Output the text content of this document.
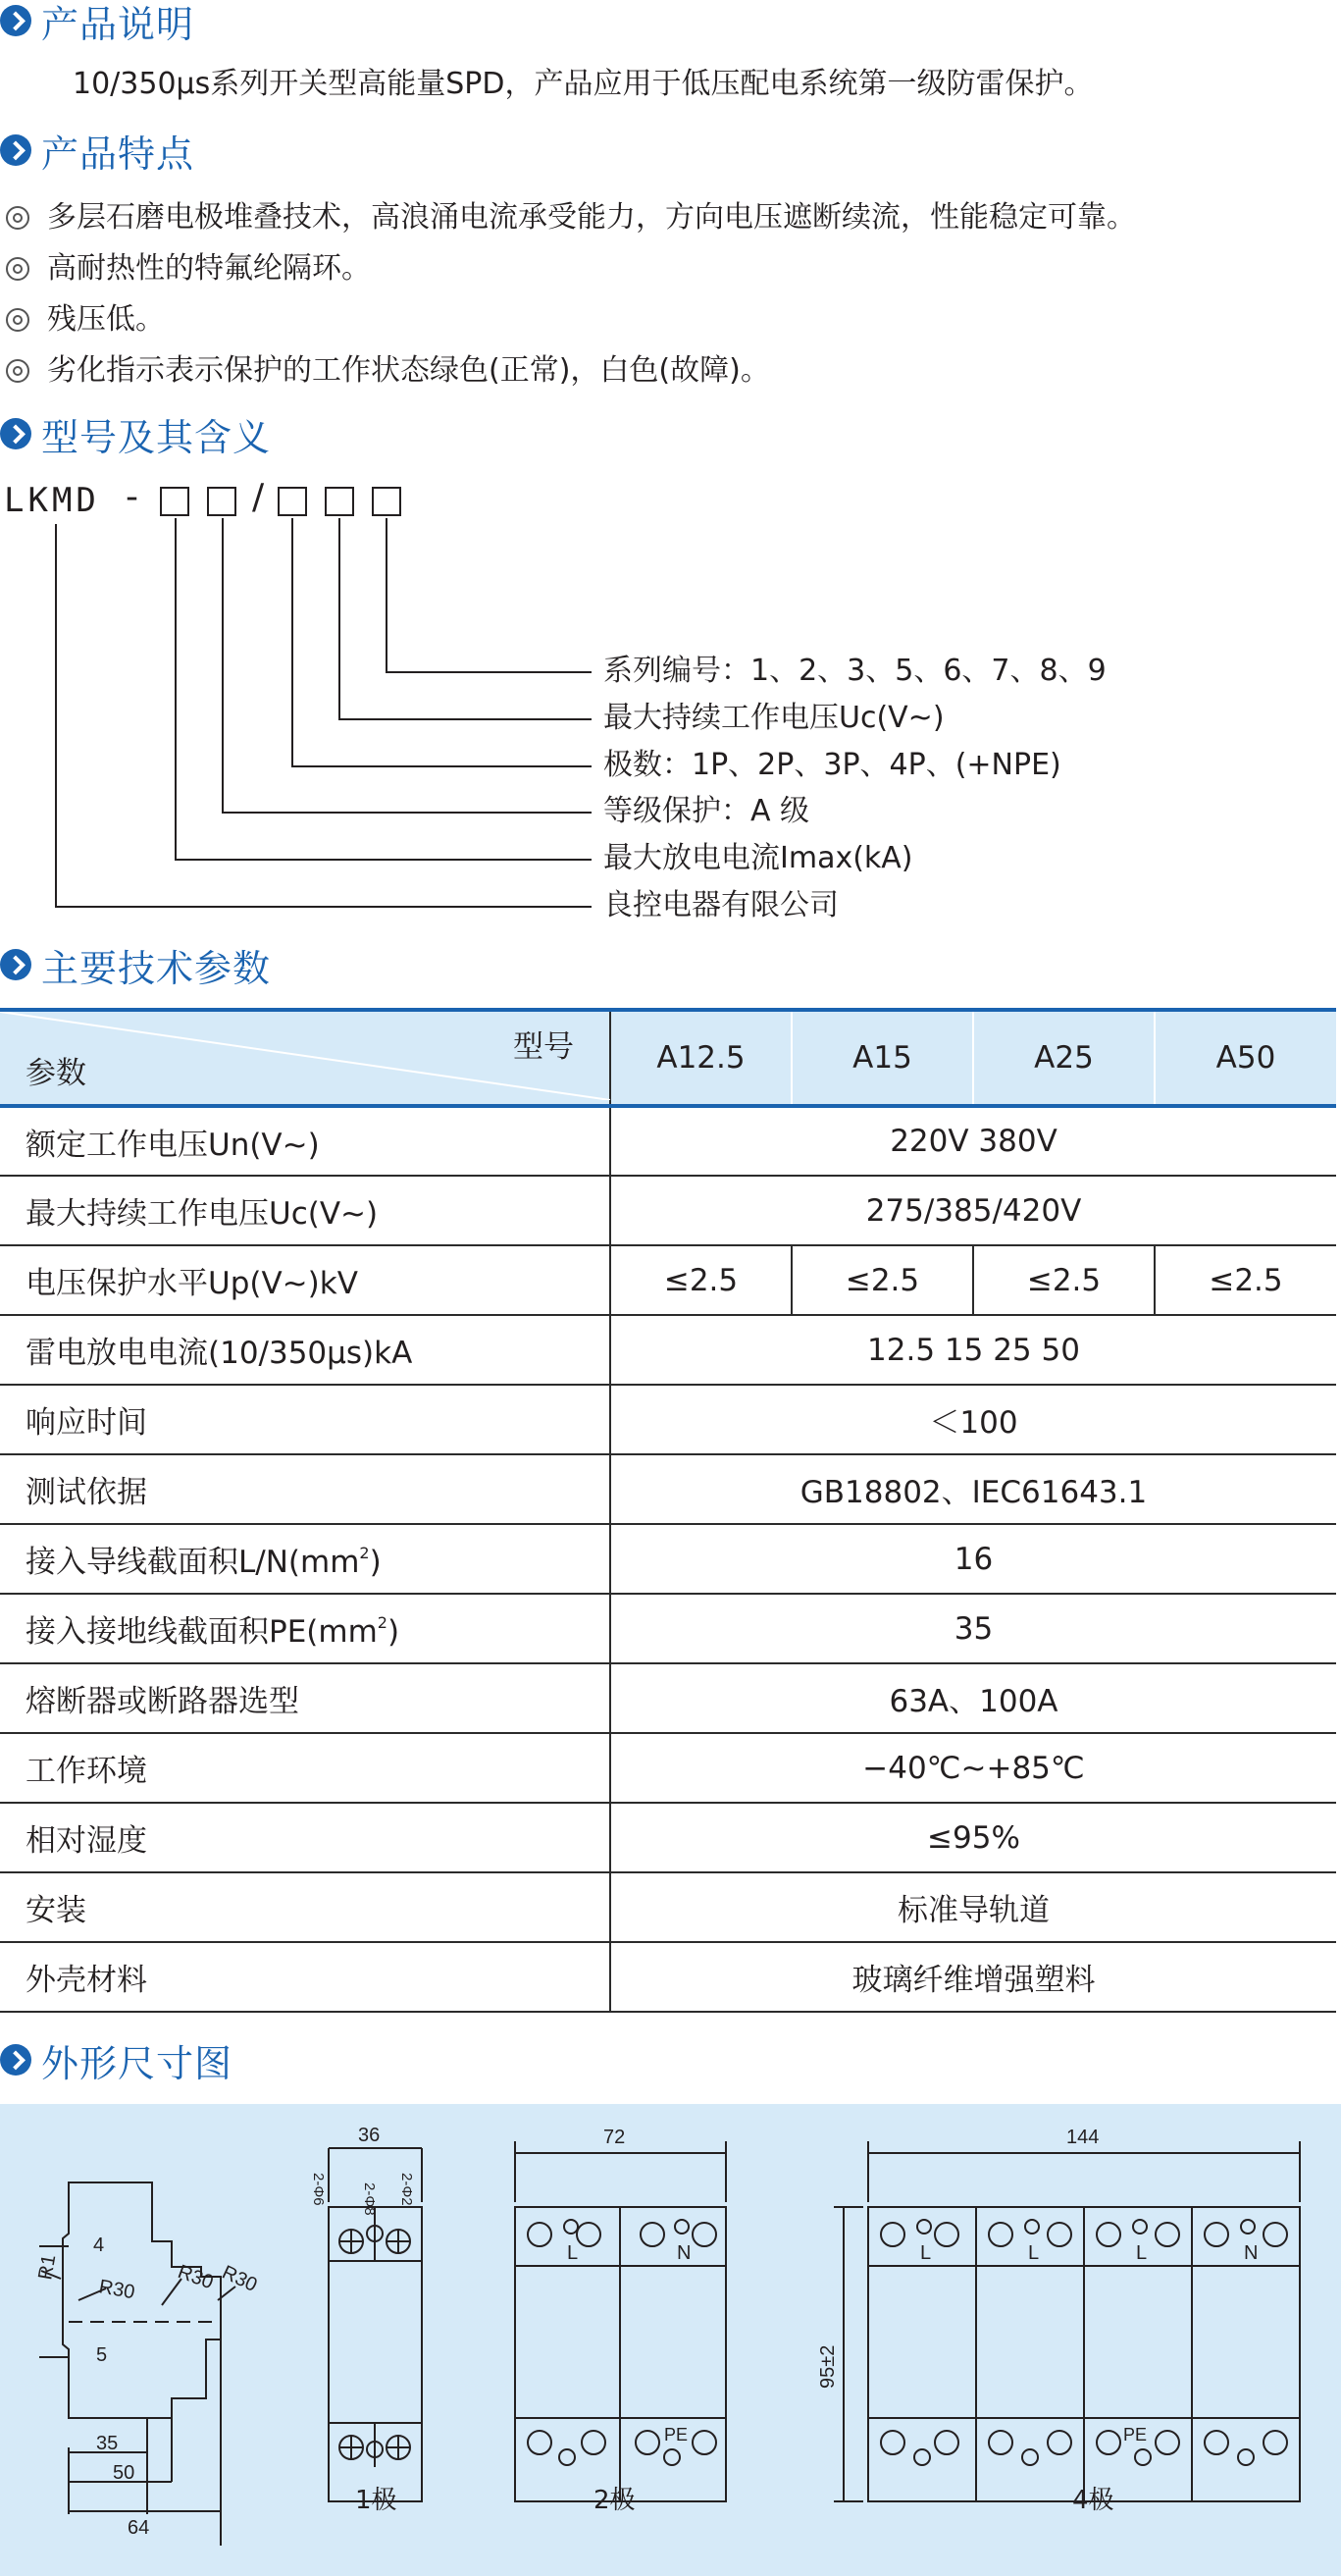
产品说明
10/350μs系列开关型高能量SPD，产品应用于低压配电系统第一级防雷保护。
产品特点
多层石磨电极堆叠技术，高浪涌电流承受能力，方向电压遮断续流，性能稳定可靠。
高耐热性的特氟纶隔环。
残压低。
劣化指示表示保护的工作状态绿色(正常)，白色(故障)。
型号及其含义
LKMD -	/
系列编号：1、2、3、5、6、7、8、9
最大持续工作电压Uc(V~)
极数：1P、2P、3P、4P、(+NPE)
等级保护：A 级
最大放电电流Imax(kA)
良控电器有限公司
主要技术参数
型号
参数	A12.5	A15	A25	A50
额定工作电压Un(V~)	220V 380V			
最大持续工作电压Uc(V~)	275/385/420V			
电压保护水平Up(V~)kV	≤2.5	≤2.5	≤2.5	≤2.5
雷电放电电流(10/350μs)kA	12.5 15 25 50			
响应时间	＜100			
测试依据	GB18802、IEC61643.1			
接入导线截面积$L/N(mm^2)$	16			
接入接地线截面积$PE(mm^2)$	35			
熔断器或断路器选型	63A、100A			
工作环境	−40℃~+85℃			
相对湿度	≤95%			
安装	标准导轨道			
外壳材料	玻璃纤维增强塑料			
外形尺寸图
4
R1
R30 R30 R30
5
35
50
64
36
2-Φ6 2-Φ8 2-Φ2
72
L	N
PE
144
95±2
L	L	L	N
PE
1极	2极	4极
